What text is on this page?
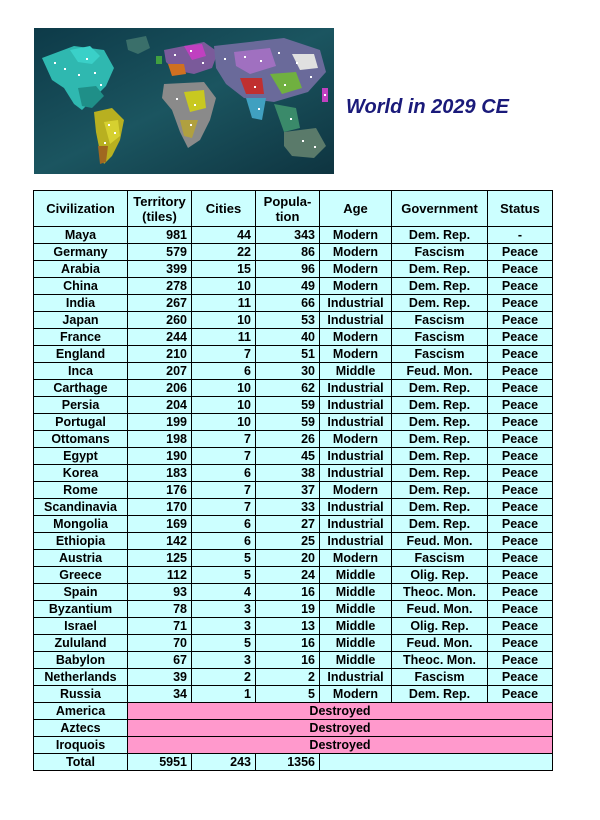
World in 2029 CE
Civilization	Territory (tiles)	Cities	Popula-tion	Age	Government	Status
Maya	981	44	343	Modern	Dem. Rep.	-
Germany	579	22	86	Modern	Fascism	Peace
Arabia	399	15	96	Modern	Dem. Rep.	Peace
China	278	10	49	Modern	Dem. Rep.	Peace
India	267	11	66	Industrial	Dem. Rep.	Peace
Japan	260	10	53	Industrial	Fascism	Peace
France	244	11	40	Modern	Fascism	Peace
England	210	7	51	Modern	Fascism	Peace
Inca	207	6	30	Middle	Feud. Mon.	Peace
Carthage	206	10	62	Industrial	Dem. Rep.	Peace
Persia	204	10	59	Industrial	Dem. Rep.	Peace
Portugal	199	10	59	Industrial	Dem. Rep.	Peace
Ottomans	198	7	26	Modern	Dem. Rep.	Peace
Egypt	190	7	45	Industrial	Dem. Rep.	Peace
Korea	183	6	38	Industrial	Dem. Rep.	Peace
Rome	176	7	37	Modern	Dem. Rep.	Peace
Scandinavia	170	7	33	Industrial	Dem. Rep.	Peace
Mongolia	169	6	27	Industrial	Dem. Rep.	Peace
Ethiopia	142	6	25	Industrial	Feud. Mon.	Peace
Austria	125	5	20	Modern	Fascism	Peace
Greece	112	5	24	Middle	Olig. Rep.	Peace
Spain	93	4	16	Middle	Theoc. Mon.	Peace
Byzantium	78	3	19	Middle	Feud. Mon.	Peace
Israel	71	3	13	Middle	Olig. Rep.	Peace
Zululand	70	5	16	Middle	Feud. Mon.	Peace
Babylon	67	3	16	Middle	Theoc. Mon.	Peace
Netherlands	39	2	2	Industrial	Fascism	Peace
Russia	34	1	5	Modern	Dem. Rep.	Peace
America	Destroyed					
Aztecs	Destroyed					
Iroquois	Destroyed					
Total	5951	243	1356			
